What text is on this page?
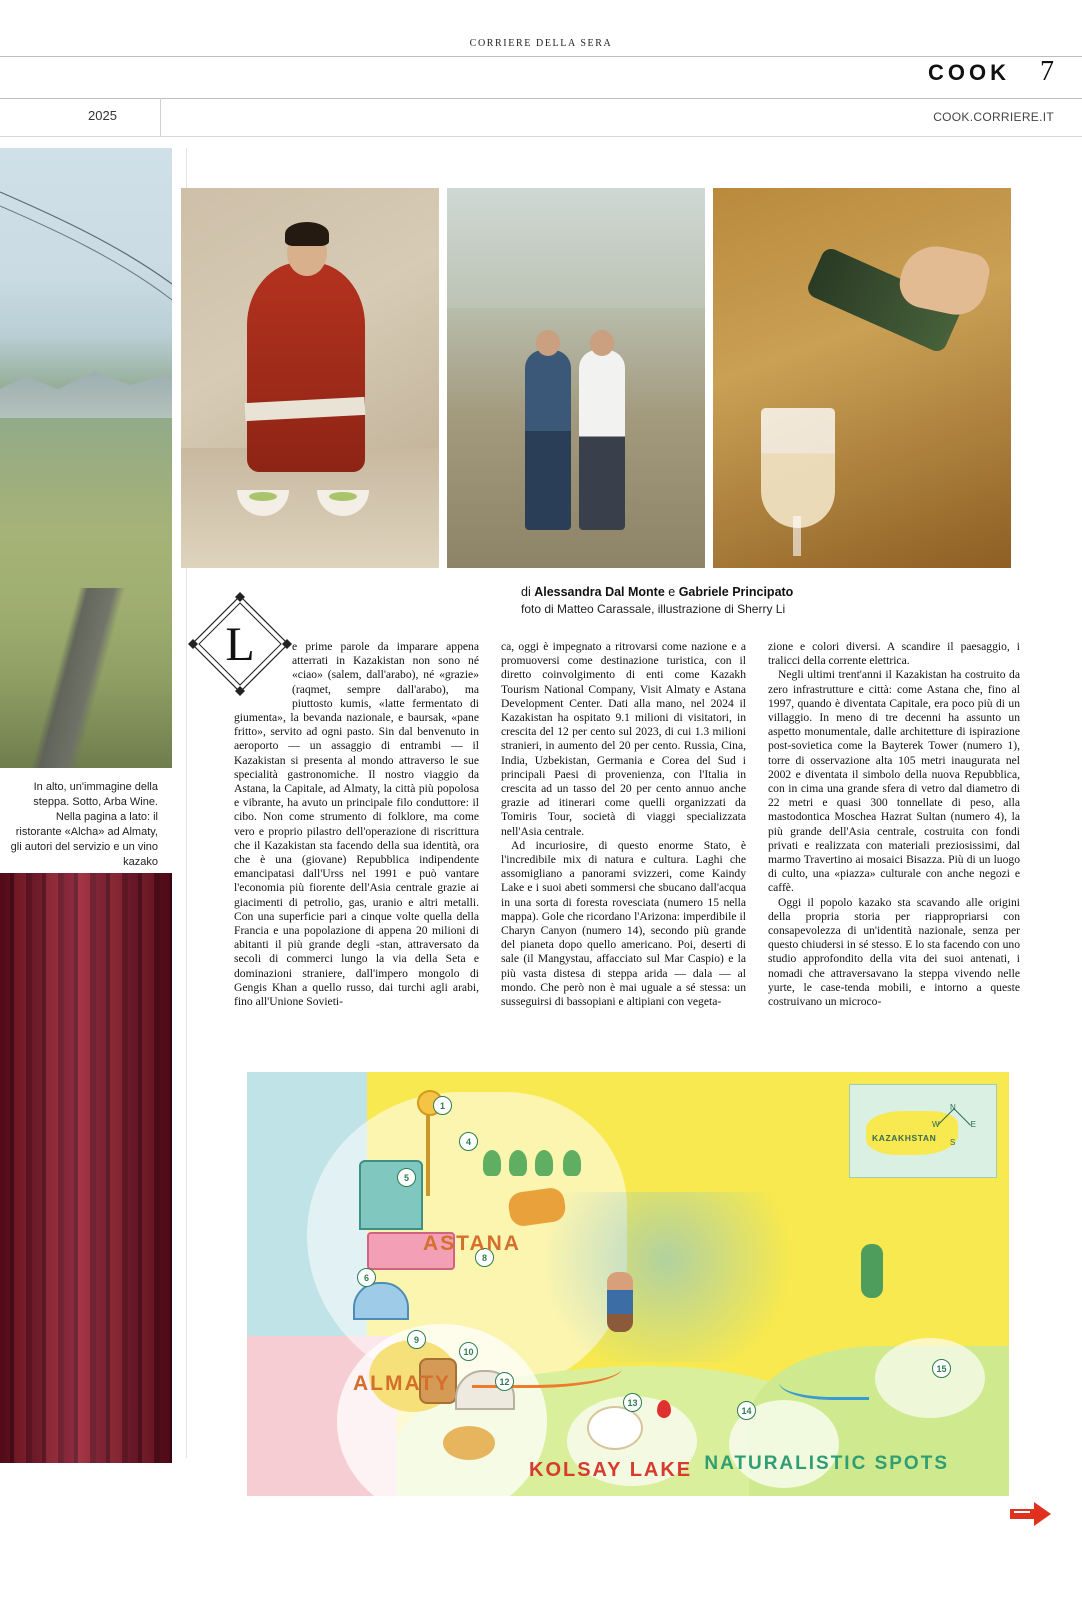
CORRIERE DELLA SERA
COOK 7
2025	COOK.CORRIERE.IT
In alto, un'immagine della steppa. Sotto, Arba Wine. Nella pagina a lato: il ristorante «Alcha» ad Almaty, gli autori del servizio e un vino kazako
di Alessandra Dal Monte e Gabriele Principato
foto di Matteo Carassale, illustrazione di Sherry Li
L	e prime parole da imparare appena atterrati in Kazakistan non sono né «ciao» (salem, dall'arabo), né «grazie» (raqmet, sempre dall'arabo), ma piuttosto kumis, «latte fermentato di giumenta», la bevanda nazionale, e baursak, «pane fritto», servito ad ogni pasto. Sin dal benvenuto in aeroporto — un assaggio di entrambi — il Kazakistan si presenta al mondo attraverso le sue specialità gastronomiche. Il nostro viaggio da Astana, la Capitale, ad Almaty, la città più popolosa e vibrante, ha avuto un principale filo conduttore: il cibo. Non come strumento di folklore, ma come vero e proprio pilastro dell'operazione di riscrittura che il Kazakistan sta facendo della sua identità, ora che è una (giovane) Repubblica indipendente emancipatasi dall'Urss nel 1991 e può vantare l'economia più fiorente dell'Asia centrale grazie ai giacimenti di petrolio, gas, uranio e altri metalli. Con una superficie pari a cinque volte quella della Francia e una popolazione di appena 20 milioni di abitanti il più grande degli -stan, attraversato da secoli di commerci lungo la via della Seta e dominazioni straniere, dall'impero mongolo di Gengis Khan a quello russo, dai turchi agli arabi, fino all'Unione Sovieti-

ca, oggi è impegnato a ritrovarsi come nazione e a promuoversi come destinazione turistica, con il diretto coinvolgimento di enti come Kazakh Tourism National Company, Visit Almaty e Astana Development Center. Dati alla mano, nel 2024 il Kazakistan ha ospitato 9.1 milioni di visitatori, in crescita del 12 per cento sul 2023, di cui 1.3 milioni stranieri, in aumento del 20 per cento. Russia, Cina, India, Uzbekistan, Germania e Corea del Sud i principali Paesi di provenienza, con l'Italia in crescita ad un tasso del 20 per cento annuo anche grazie ad itinerari come quelli organizzati da Tomiris Tour, società di viaggi specializzata nell'Asia centrale.

Ad incuriosire, di questo enorme Stato, è l'incredibile mix di natura e cultura. Laghi che assomigliano a panorami svizzeri, come Kaindy Lake e i suoi abeti sommersi che sbucano dall'acqua in una sorta di foresta rovesciata (numero 15 nella mappa). Gole che ricordano l'Arizona: imperdibile il Charyn Canyon (numero 14), secondo più grande del pianeta dopo quello americano. Poi, deserti di sale (il Mangystau, affacciato sul Mar Caspio) e la più vasta distesa di steppa arida — dala — al mondo. Che però non è mai uguale a sé stessa: un susseguirsi di bassopiani e altipiani con vegeta-

zione e colori diversi. A scandire il paesaggio, i tralicci della corrente elettrica.

Negli ultimi trent'anni il Kazakistan ha costruito da zero infrastrutture e città: come Astana che, fino al 1997, quando è diventata Capitale, era poco più di un villaggio. In meno di tre decenni ha assunto un aspetto monumentale, dalle architetture di ispirazione post-sovietica come la Bayterek Tower (numero 1), torre di osservazione alta 105 metri inaugurata nel 2002 e diventata il simbolo della nuova Repubblica, con in cima una grande sfera di vetro dal diametro di 22 metri e quasi 300 tonnellate di peso, alla mastodontica Moschea Hazrat Sultan (numero 4), la più grande dell'Asia centrale, costruita con fondi privati e realizzata con materiali preziosissimi, dal marmo Travertino ai mosaici Bisazza. Più di un luogo di culto, una «piazza» culturale con anche negozi e caffè.

Oggi il popolo kazako sta scavando alle origini della propria storia per riappropriarsi con consapevolezza di un'identità nazionale, senza per questo chiudersi in sé stesso. E lo sta facendo con uno studio approfondito della vita dei suoi antenati, i nomadi che attraversavano la steppa vivendo nelle yurte, le case-tenda mobili, e intorno a queste costruivano un microco-

1
4
5
6
8
9
10
12
13
14
15
ASTANA
ALMATY
KOLSAY LAKE NATURALISTIC SPOTS
KAZAKHSTAN
N
S
E
W
